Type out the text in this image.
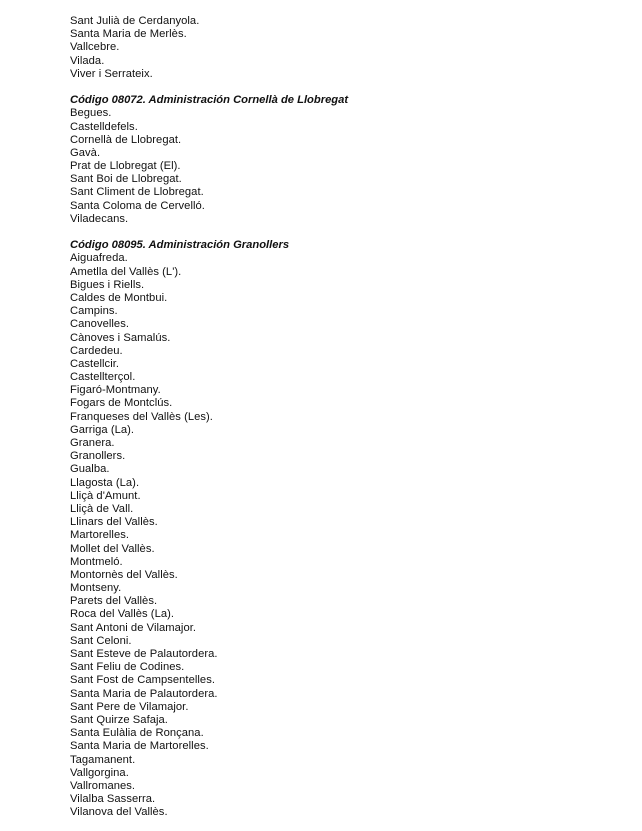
Sant Julià de Cerdanyola.
Santa Maria de Merlès.
Vallcebre.
Vilada.
Viver i Serrateix.
Código 08072. Administración Cornellà de Llobregat
Begues.
Castelldefels.
Cornellà de Llobregat.
Gavà.
Prat de Llobregat (El).
Sant Boi de Llobregat.
Sant Climent de Llobregat.
Santa Coloma de Cervelló.
Viladecans.
Código 08095. Administración Granollers
Aiguafreda.
Ametlla del Vallès (L').
Bigues i Riells.
Caldes de Montbui.
Campins.
Canovelles.
Cànoves i Samalús.
Cardedeu.
Castellcir.
Castellterçol.
Figaró-Montmany.
Fogars de Montclús.
Franqueses del Vallès (Les).
Garriga (La).
Granera.
Granollers.
Gualba.
Llagosta (La).
Lliçà d'Amunt.
Lliçà de Vall.
Llinars del Vallès.
Martorelles.
Mollet del Vallès.
Montmeló.
Montornès del Vallès.
Montseny.
Parets del Vallès.
Roca del Vallès (La).
Sant Antoni de Vilamajor.
Sant Celoni.
Sant Esteve de Palautordera.
Sant Feliu de Codines.
Sant Fost de Campsentelles.
Santa Maria de Palautordera.
Sant Pere de Vilamajor.
Sant Quirze Safaja.
Santa Eulàlia de Ronçana.
Santa Maria de Martorelles.
Tagamanent.
Vallgorgina.
Vallromanes.
Vilalba Sasserra.
Vilanova del Vallès.
